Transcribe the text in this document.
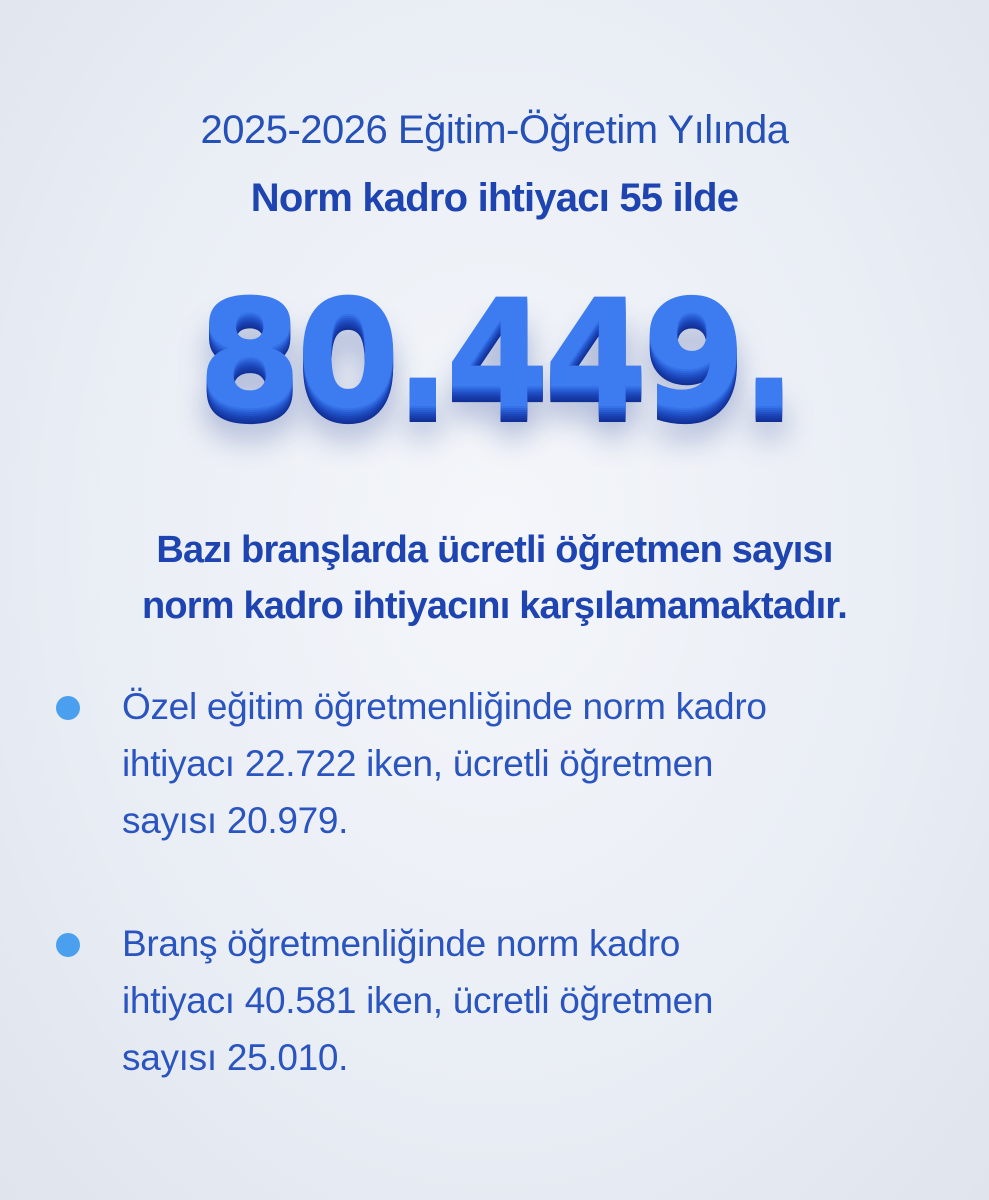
2025-2026 Eğitim-Öğretim Yılında
Norm kadro ihtiyacı 55 ilde
80.449.
Bazı branşlarda ücretli öğretmen sayısı
norm kadro ihtiyacını karşılamamaktadır.
Özel eğitim öğretmenliğinde norm kadro
ihtiyacı 22.722 iken, ücretli öğretmen
sayısı 20.979.
Branş öğretmenliğinde norm kadro
ihtiyacı 40.581 iken, ücretli öğretmen
sayısı 25.010.
